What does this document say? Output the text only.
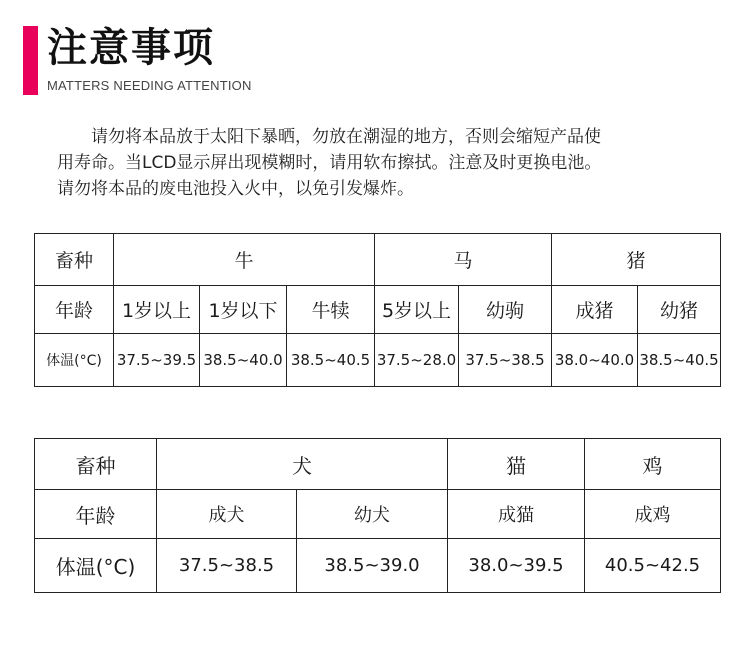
注意事项
MATTERS NEEDING ATTENTION

　　请勿将本品放于太阳下暴晒，勿放在潮湿的地方，否则会缩短产品使

用寿命。当LCD显示屏出现模糊时，请用软布擦拭。注意及时更换电池。

请勿将本品的废电池投入火中，以免引发爆炸。

畜种	牛			马		猪	
年龄	1岁以上	1岁以下	牛犊	5岁以上	幼驹	成猪	幼猪
体温(°C)	37.5~39.5	38.5~40.0	38.5~40.5	37.5~28.0	37.5~38.5	38.0~40.0	38.5~40.5
畜种	犬		猫	鸡
年龄	成犬	幼犬	成猫	成鸡
体温(°C)	37.5~38.5	38.5~39.0	38.0~39.5	40.5~42.5
